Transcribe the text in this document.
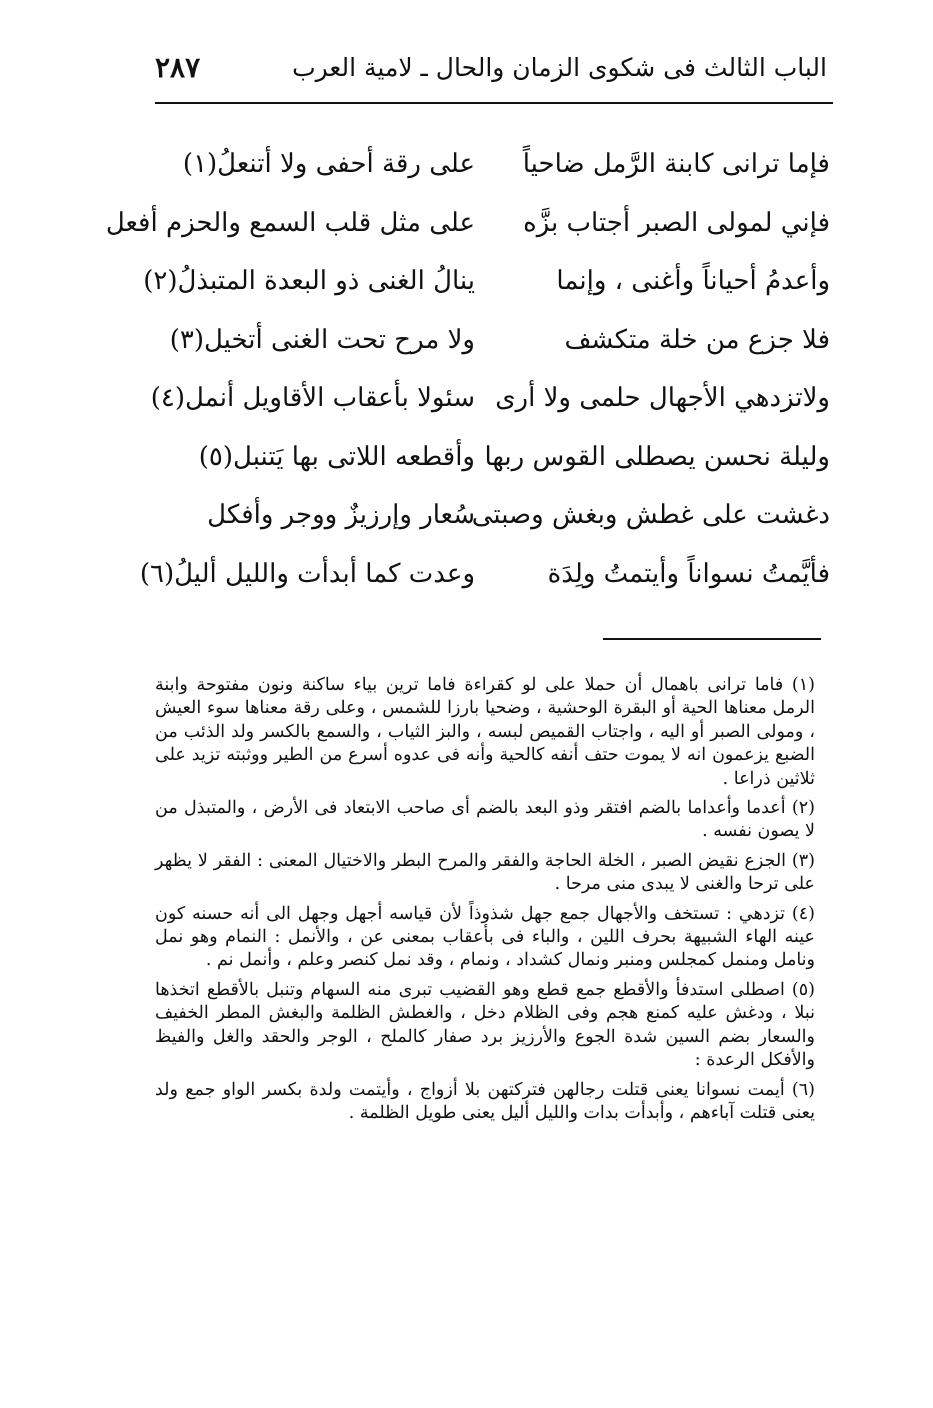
الباب الثالث فى شكوى الزمان والحال ـ لامية العرب
٢٨٧
فإما ترانى كابنة الرَّمل ضاحياً
على رقة أحفى ولا أتنعلُ(١)
فإني لمولى الصبر أجتاب بزَّه
على مثل قلب السمع والحزم أفعل
وأعدمُ أحياناً وأغنى ، وإنما
ينالُ الغنى ذو البعدة المتبذلُ(٢)
فلا جزع من خلة متكشف
ولا مرح تحت الغنى أتخيل(٣)
ولاتزدهي الأجهال حلمى ولا أرى
سئولا بأعقاب الأقاويل أنمل(٤)
وليلة نحسن يصطلى القوس ربها
وأقطعه اللاتى بها يَتنبل(٥)
دغشت على غطش وبغش وصبتى
سُعار وإرزيزٌ ووجر وأفكل
فأيَّمتُ نسواناً وأيتمتُ ولِدَة
وعدت كما أبدأت والليل أليلُ(٦)

(١) فاما ترانى باهمال أن حملا على لو كقراءة فاما ترين بياء ساكنة ونون مفتوحة وابنة الرمل معناها الحية أو البقرة الوحشية ، وضحيا بارزا للشمس ، وعلى رقة معناها سوء العيش ، ومولى الصبر أو اليه ، واجتاب القميص لبسه ، والبز الثياب ، والسمع بالكسر ولد الذئب من الضبع يزعمون انه لا يموت حتف أنفه كالحية وأنه فى عدوه أسرع من الطير ووثبته تزيد على ثلاثين ذراعا .

(٢) أعدما وأعداما بالضم افتقر وذو البعد بالضم أى صاحب الابتعاد فى الأرض ، والمتبذل من لا يصون نفسه .

(٣) الجزع نقيض الصبر ، الخلة الحاجة والفقر والمرح البطر والاختيال المعنى : الفقر لا يظهر على ترحا والغنى لا يبدى منى مرحا .

(٤) تزدهي : تستخف والأجهال جمع جهل شذوذاً لأن قياسه أجهل وجهل الى أنه حسنه كون عينه الهاء الشبيهة بحرف اللين ، والباء فى بأعقاب بمعنى عن ، والأنمل : النمام وهو نمل ونامل ومنمل كمجلس ومنبر ونمال كشداد ، ونمام ، وقد نمل كنصر وعلم ، وأنمل نم .

(٥) اصطلى استدفأ والأقطع جمع قطع وهو القضيب تبرى منه السهام وتنبل بالأقطع اتخذها نبلا ، ودغش عليه كمنع هجم وفى الظلام دخل ، والغطش الظلمة والبغش المطر الخفيف والسعار بضم السين شدة الجوع والأرزيز برد صفار كالملح ، الوجر والحقد والغل والفيظ والأفكل الرعدة :

(٦) أيمت نسوانا يعنى قتلت رجالهن فتركتهن بلا أزواج ، وأيتمت ولدة بكسر الواو جمع ولد يعنى قتلت آباءهم ، وأبدأت بدات والليل أليل يعنى طويل الظلمة .
